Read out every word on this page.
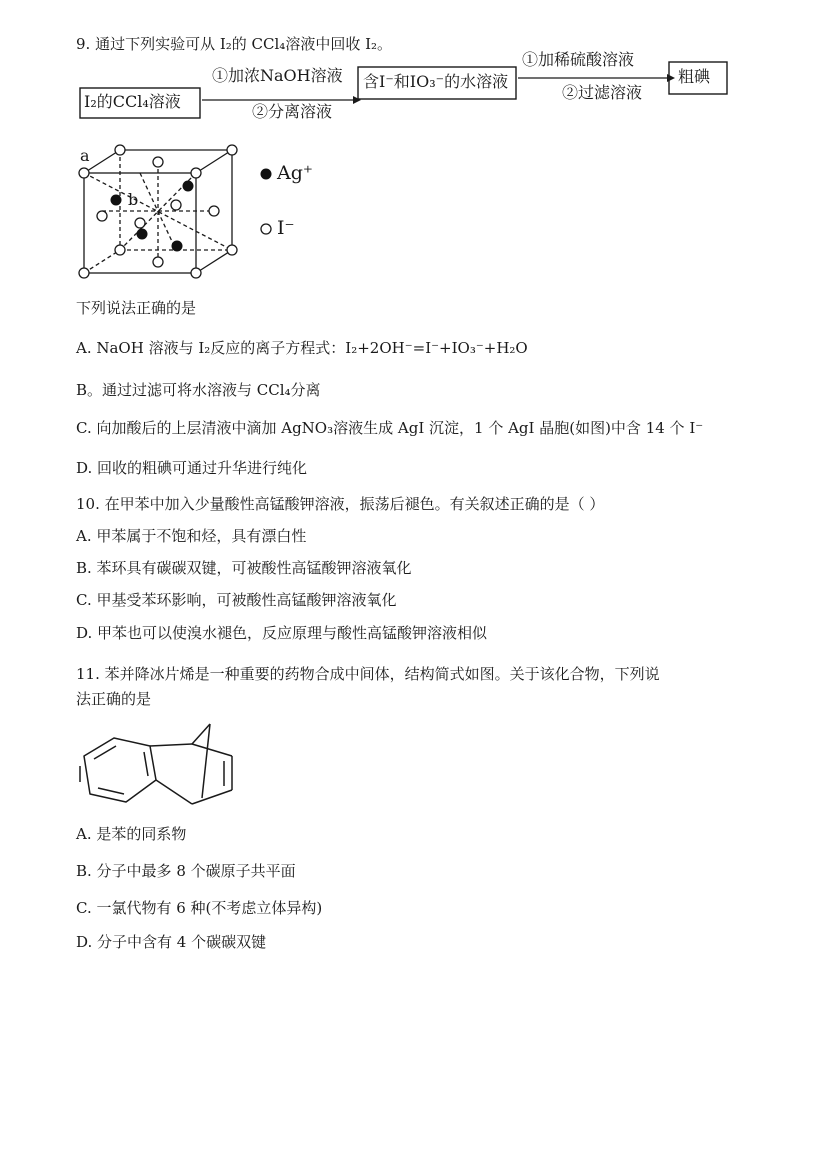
9. 通过下列实验可从 I₂的 CCl₄溶液中回收 I₂。
I₂的CCl₄溶液
①加浓NaOH溶液
②分离溶液
含I⁻和IO₃⁻的水溶液
①加稀硫酸溶液
②过滤溶液
粗碘
a
b
Ag⁺
I⁻
下列说法正确的是
A. NaOH 溶液与 I₂反应的离子方程式：I₂+2OH⁻=I⁻+IO₃⁻+H₂O
B。通过过滤可将水溶液与 CCl₄分离
C. 向加酸后的上层清液中滴加 AgNO₃溶液生成 AgI 沉淀，1 个 AgI 晶胞(如图)中含 14 个 I⁻
D. 回收的粗碘可通过升华进行纯化
10. 在甲苯中加入少量酸性高锰酸钾溶液，振荡后褪色。有关叙述正确的是（ ）
A. 甲苯属于不饱和烃，具有漂白性
B. 苯环具有碳碳双键，可被酸性高锰酸钾溶液氧化
C. 甲基受苯环影响，可被酸性高锰酸钾溶液氧化
D. 甲苯也可以使溴水褪色，反应原理与酸性高锰酸钾溶液相似
11. 苯并降冰片烯是一种重要的药物合成中间体，结构简式如图。关于该化合物，下列说
法正确的是
A. 是苯的同系物
B. 分子中最多 8 个碳原子共平面
C. 一氯代物有 6 种(不考虑立体异构)
D. 分子中含有 4 个碳碳双键
